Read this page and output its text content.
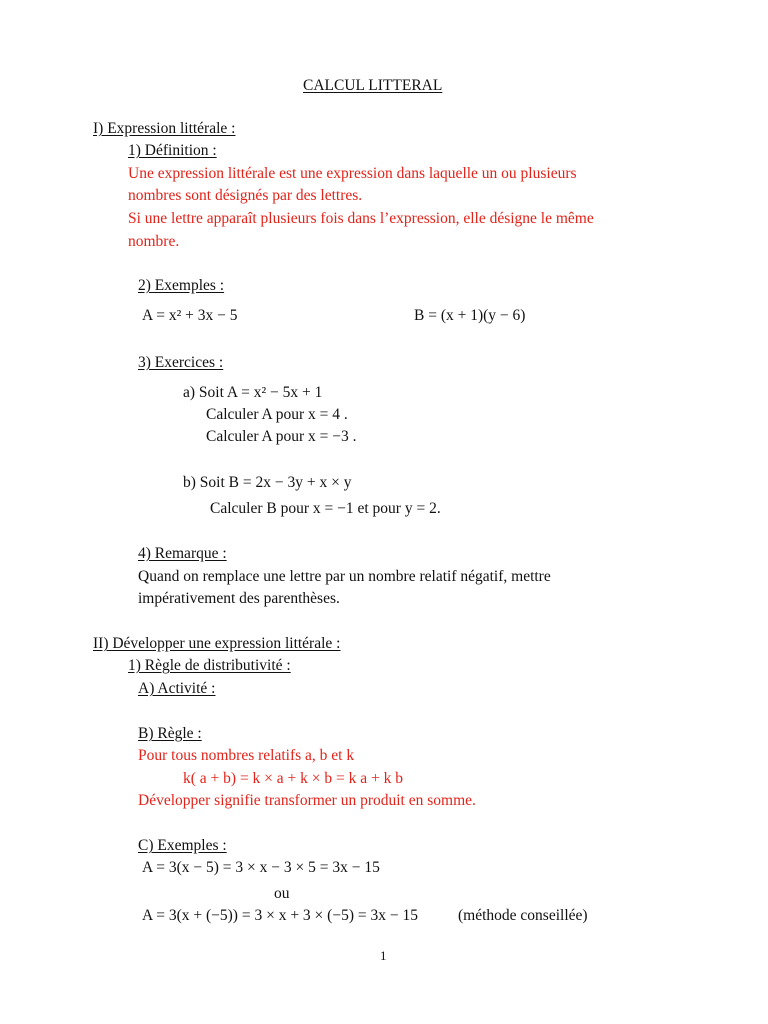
CALCUL LITTERAL
I) Expression littérale :
1) Définition :
Une expression littérale est une expression dans laquelle un ou plusieurs
nombres sont désignés par des lettres.
Si une lettre apparaît plusieurs fois dans l’expression, elle désigne le même
nombre.
2) Exemples :
A = x² + 3x − 5	B = (x + 1)(y − 6)
3) Exercices :
a) Soit A = x² − 5x + 1
Calculer A pour x = 4 .
Calculer A pour x = −3 .
b) Soit B = 2x − 3y + x × y
Calculer B pour x = −1 et pour y = 2.
4) Remarque :
Quand on remplace une lettre par un nombre relatif négatif, mettre
impérativement des parenthèses.
II) Développer une expression littérale :
1) Règle de distributivité :
A) Activité :
B) Règle :
Pour tous nombres relatifs a, b et k
k( a + b) = k × a + k × b = k a + k b
Développer signifie transformer un produit en somme.
C) Exemples :
A = 3(x − 5) = 3 × x − 3 × 5 = 3x − 15
ou
A = 3(x + (−5)) = 3 × x + 3 × (−5) = 3x − 15	(méthode conseillée)
1
